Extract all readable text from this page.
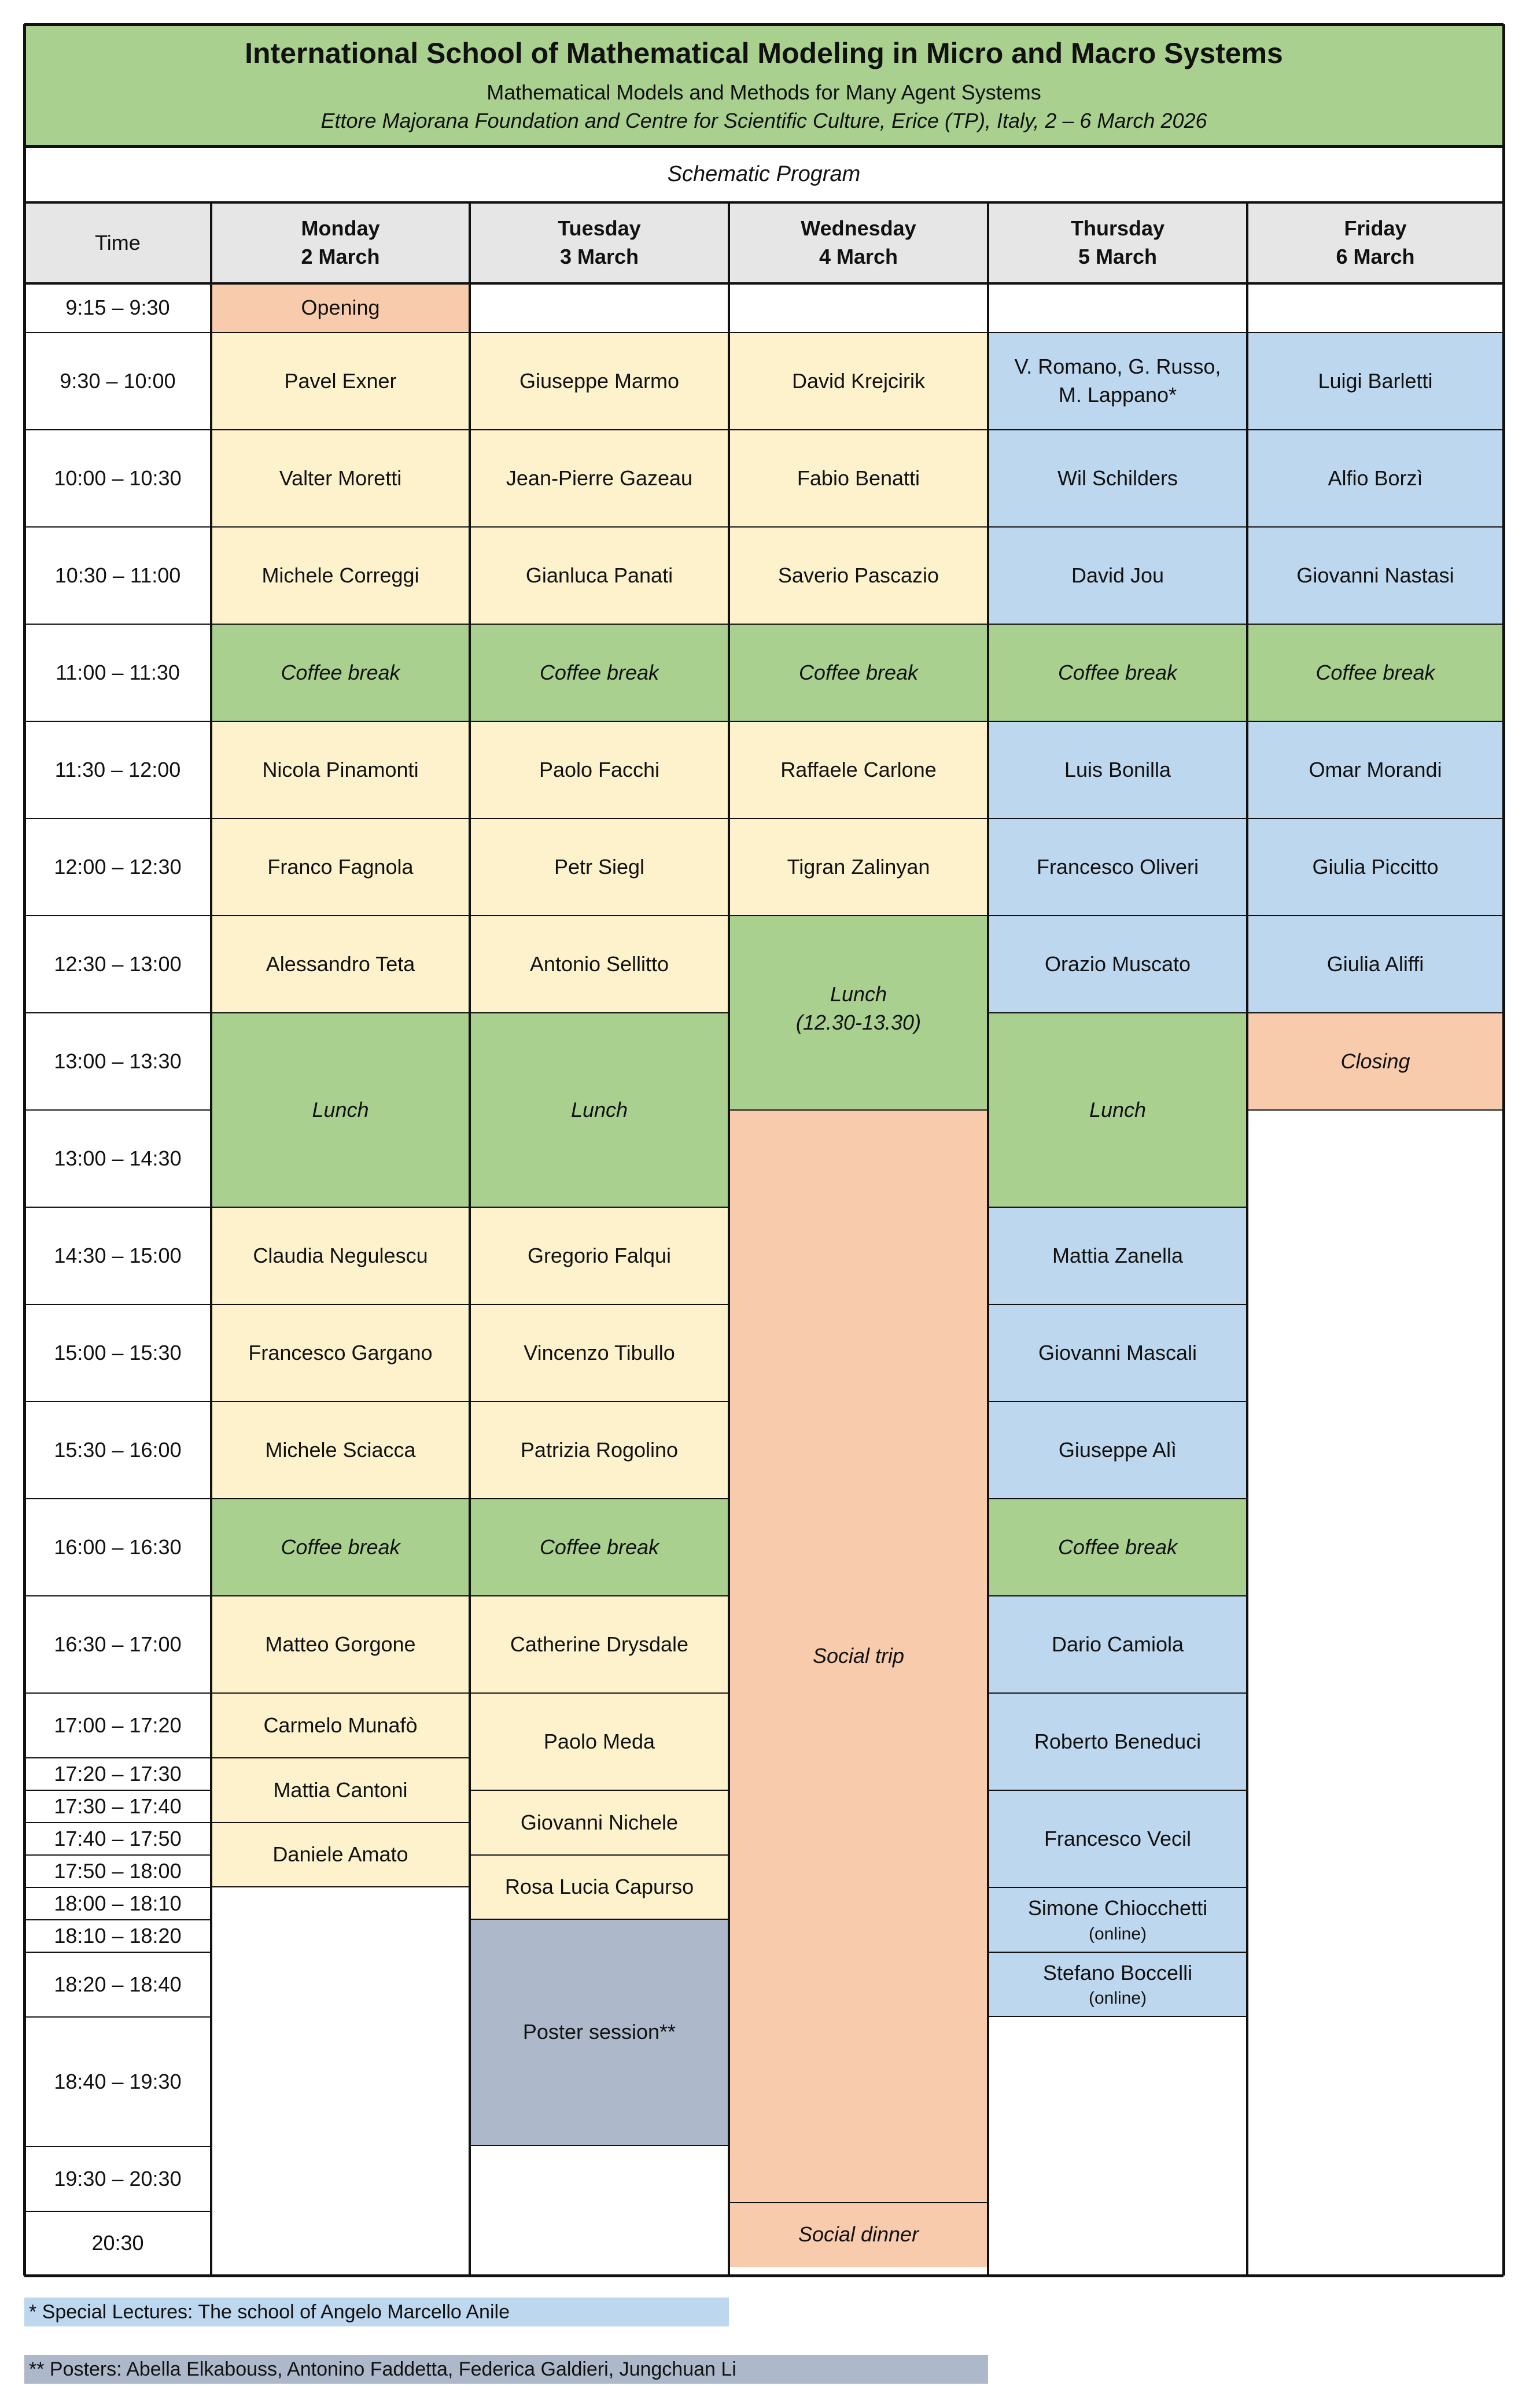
International School of Mathematical Modeling in Micro and Macro Systems
Mathematical Models and Methods for Many Agent Systems
Ettore Majorana Foundation and Centre for Scientific Culture, Erice (TP), Italy, 2 – 6 March 2026
Schematic Program
Time
Monday
2 March
Tuesday
3 March
Wednesday
4 March
Thursday
5 March
Friday
6 March
9:15 – 9:30
9:30 – 10:00
10:00 – 10:30
10:30 – 11:00
11:00 – 11:30
11:30 – 12:00
12:00 – 12:30
12:30 – 13:00
13:00 – 13:30
13:00 – 14:30
14:30 – 15:00
15:00 – 15:30
15:30 – 16:00
16:00 – 16:30
16:30 – 17:00
17:00 – 17:20
17:20 – 17:30
17:30 – 17:40
17:40 – 17:50
17:50 – 18:00
18:00 – 18:10
18:10 – 18:20
18:20 – 18:40
18:40 – 19:30
19:30 – 20:30
20:30
Opening
Pavel Exner
Valter Moretti
Michele Correggi
Coffee break
Nicola Pinamonti
Franco Fagnola
Alessandro Teta
Lunch
Claudia Negulescu
Francesco Gargano
Michele Sciacca
Coffee break
Matteo Gorgone
Carmelo Munafò
Mattia Cantoni
Daniele Amato
Giuseppe Marmo
Jean-Pierre Gazeau
Gianluca Panati
Coffee break
Paolo Facchi
Petr Siegl
Antonio Sellitto
Lunch
Gregorio Falqui
Vincenzo Tibullo
Patrizia Rogolino
Coffee break
Catherine Drysdale
Paolo Meda
Giovanni Nichele
Rosa Lucia Capurso
Poster session**
David Krejcirik
Fabio Benatti
Saverio Pascazio
Coffee break
Raffaele Carlone
Tigran Zalinyan
Lunch
(12.30-13.30)
Social trip
Social dinner
V. Romano, G. Russo,
M. Lappano*
Wil Schilders
David Jou
Coffee break
Luis Bonilla
Francesco Oliveri
Orazio Muscato
Lunch
Mattia Zanella
Giovanni Mascali
Giuseppe Alì
Coffee break
Dario Camiola
Roberto Beneduci
Francesco Vecil
Simone Chiocchetti
(online)
Stefano Boccelli
(online)
Luigi Barletti
Alfio Borzì
Giovanni Nastasi
Coffee break
Omar Morandi
Giulia Piccitto
Giulia Aliffi
Closing
* Special Lectures: The school of Angelo Marcello Anile
** Posters: Abella Elkabouss, Antonino Faddetta, Federica Galdieri, Jungchuan Li
